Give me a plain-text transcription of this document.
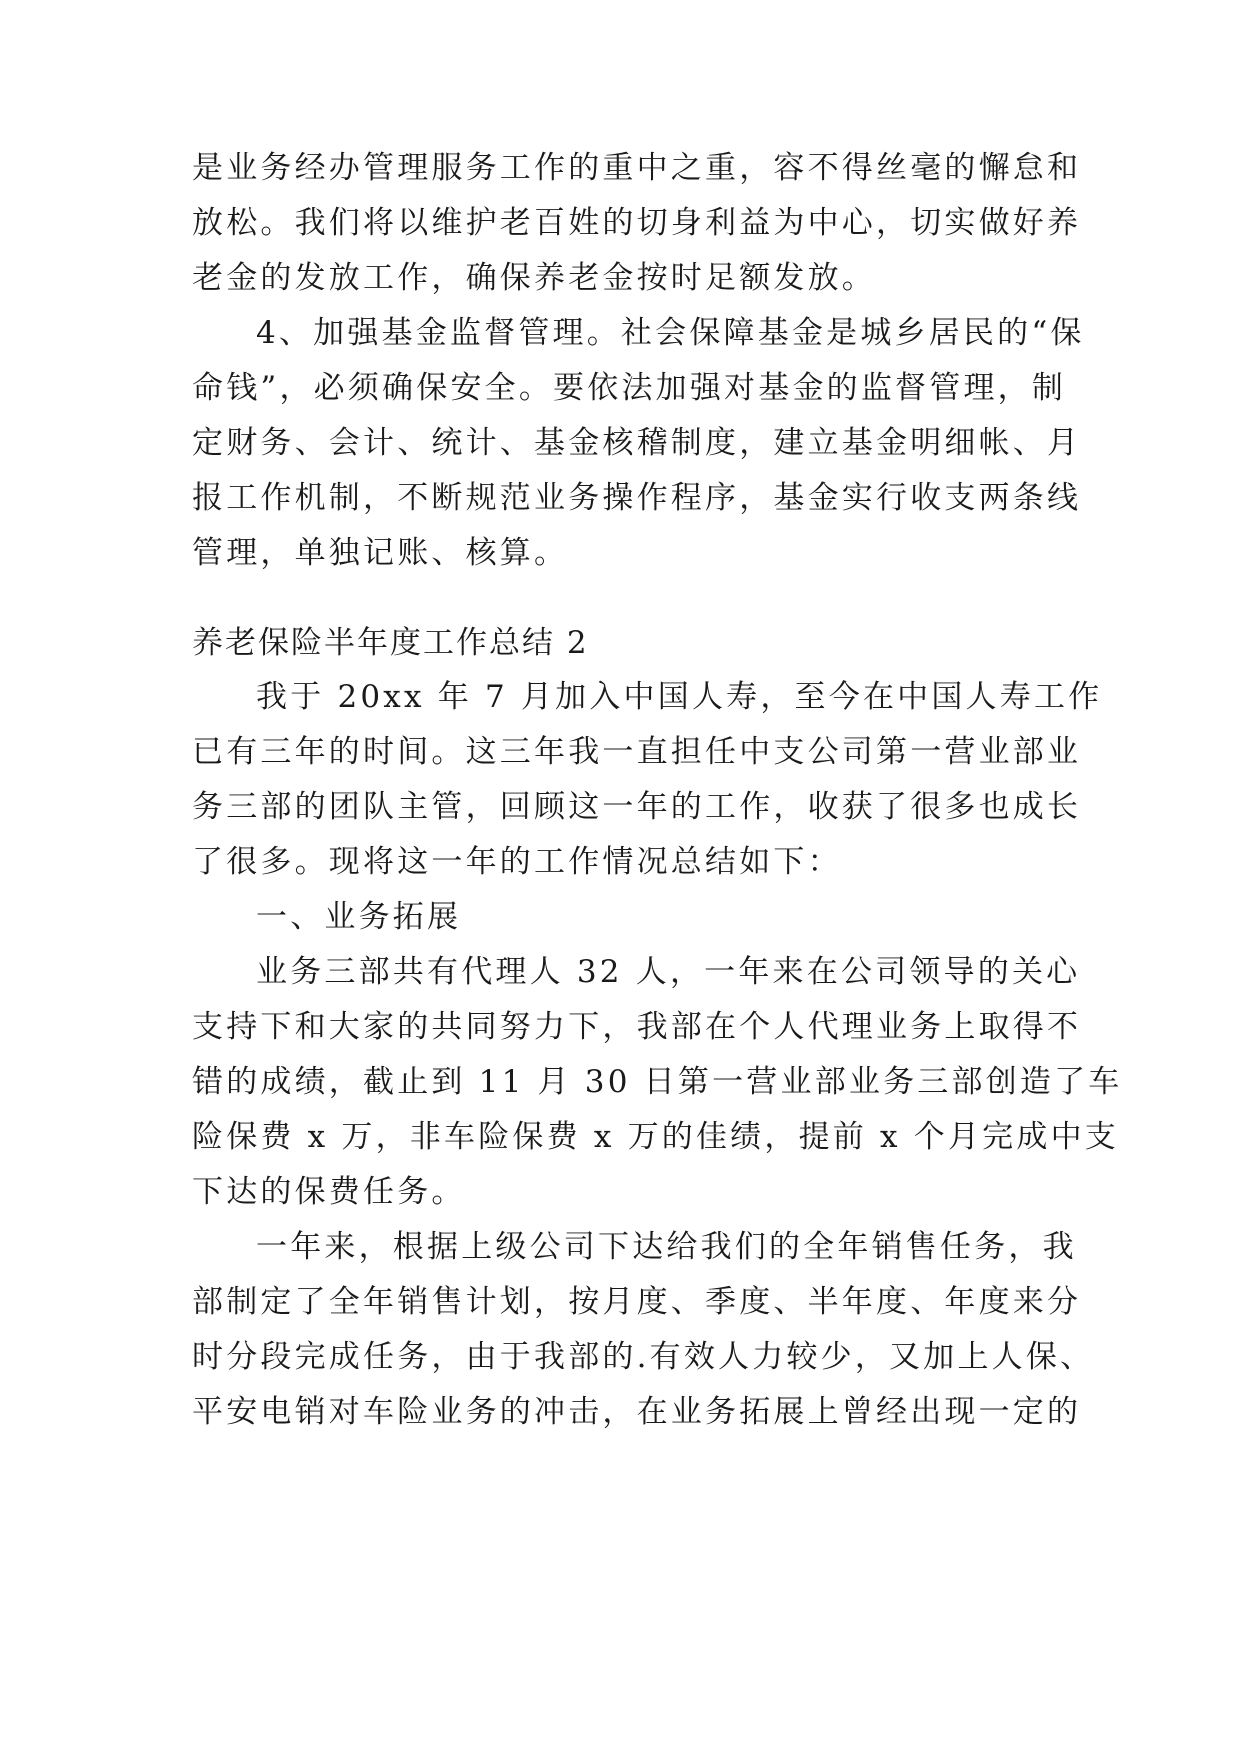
是业务经办管理服务工作的重中之重，容不得丝毫的懈怠和
放松。我们将以维护老百姓的切身利益为中心，切实做好养
老金的发放工作，确保养老金按时足额发放。
4、加强基金监督管理。社会保障基金是城乡居民的“保
命钱”，必须确保安全。要依法加强对基金的监督管理，制
定财务、会计、统计、基金核稽制度，建立基金明细帐、月
报工作机制，不断规范业务操作程序，基金实行收支两条线
管理，单独记账、核算。
养老保险半年度工作总结 2
我于 20xx 年 7 月加入中国人寿，至今在中国人寿工作
已有三年的时间。这三年我一直担任中支公司第一营业部业
务三部的团队主管，回顾这一年的工作，收获了很多也成长
了很多。现将这一年的工作情况总结如下：
一、业务拓展
业务三部共有代理人 32 人，一年来在公司领导的关心
支持下和大家的共同努力下，我部在个人代理业务上取得不
错的成绩，截止到 11 月 30 日第一营业部业务三部创造了车
险保费 x 万，非车险保费 x 万的佳绩，提前 x 个月完成中支
下达的保费任务。
一年来，根据上级公司下达给我们的全年销售任务，我
部制定了全年销售计划，按月度、季度、半年度、年度来分
时分段完成任务，由于我部的.有效人力较少，又加上人保、
平安电销对车险业务的冲击，在业务拓展上曾经出现一定的
